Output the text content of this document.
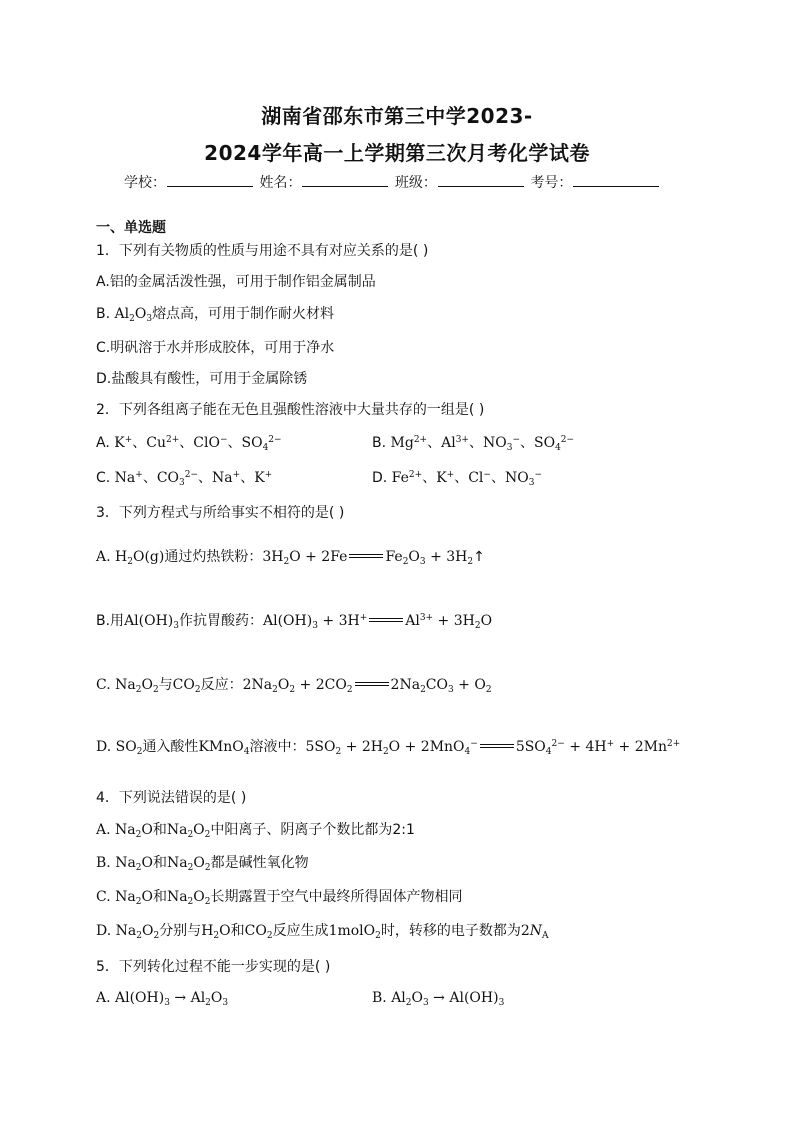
湖南省邵东市第三中学2023-
2024学年高一上学期第三次月考化学试卷
学校：	姓名：	班级：	考号：
一、单选题
1．下列有关物质的性质与用途不具有对应关系的是( )
A.铝的金属活泼性强，可用于制作铝金属制品
B. $Al_2O_3$熔点高，可用于制作耐火材料
C.明矾溶于水并形成胶体，可用于净水
D.盐酸具有酸性，可用于金属除锈
2．下列各组离子能在无色且强酸性溶液中大量共存的一组是( )
A. K+、$Cu^{2+}$、ClO−、$SO_4^{2-}$	B. $Mg^{2+}$、$Al^{3+}$、$NO_3^-$、$SO_4^{2-}$
C. Na+、$CO_3^{2-}$、Na+、K+	D. $Fe^{2+}$、K+、Cl−、$NO_3^-$
3．下列方程式与所给事实不相符的是( )
A. $H_2O(g)$通过灼热铁粉：$3H_2O + 2Fe$	$Fe_2O_3$ + $3H_2↑$
B.用$Al(OH)_3$作抗胃酸药：$Al(OH)_3 + 3H^+$	$Al^{3+} + 3H_2O$
C. $Na_2O_2$与$CO_2$反应：$2Na_2O_2 + 2CO_2$	$2Na_2CO_3 + O_2$
D. $SO_2$通入酸性KMnO$_4$溶液中：$5SO_2 + 2H_2O + 2MnO_4^-$	$5SO_4^{2-} + 4H^+ + 2Mn^{2+}$
4．下列说法错误的是( )
A. $Na_2O$和$Na_2O_2$中阳离子、阴离子个数比都为2:1
B. $Na_2O$和$Na_2O_2$都是碱性氧化物
C. $Na_2O$和$Na_2O_2$长期露置于空气中最终所得固体产物相同
D. $Na_2O_2$分别与$H_2O$和$CO_2$反应生成1molO$_2$时，转移的电子数都为$2N_A$
5．下列转化过程不能一步实现的是( )
A. $Al(OH)_3 \to Al_2O_3$	B. $Al_2O_3 \to Al(OH)_3$
